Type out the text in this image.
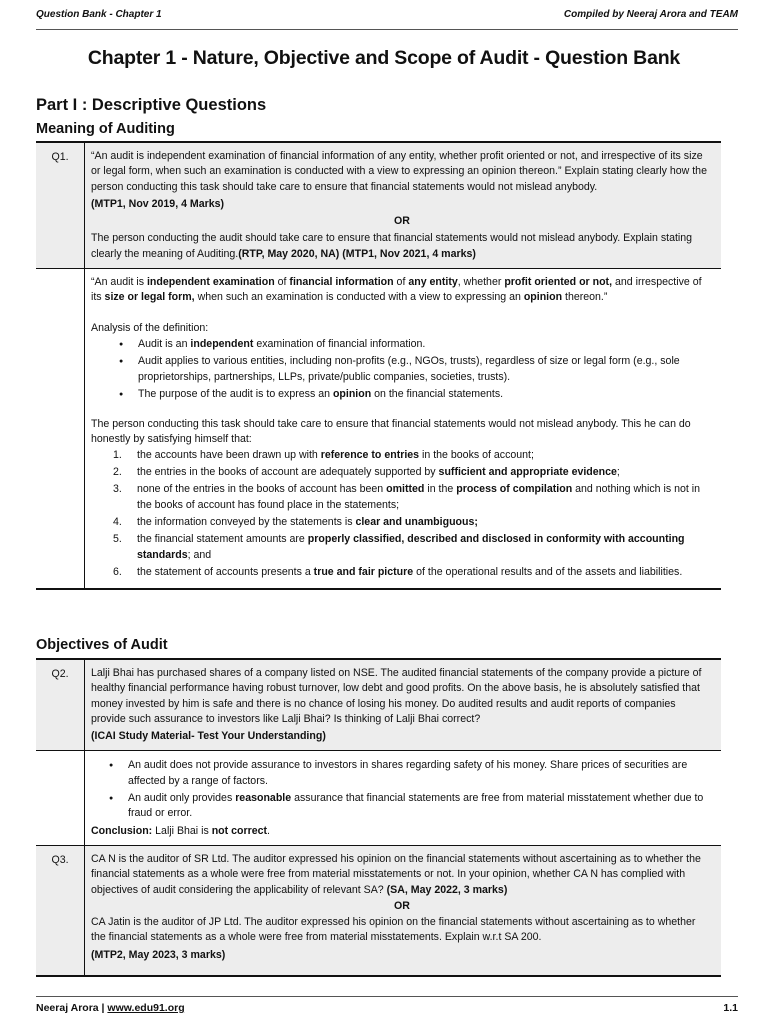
Question Bank - Chapter 1	Compiled by Neeraj Arora and TEAM
Chapter 1 - Nature, Objective and Scope of Audit - Question Bank
Part I : Descriptive Questions
Meaning of Auditing
Q1.	“An audit is independent examination of financial information of any entity, whether profit oriented or not, and irrespective of its size or legal form, when such an examination is conducted with a view to expressing an opinion thereon.” Explain stating clearly how the person conducting this task should take care to ensure that financial statements would not mislead anybody.

(MTP1, Nov 2019, 4 Marks)

OR

The person conducting the audit should take care to ensure that financial statements would not mislead anybody. Explain stating clearly the meaning of Auditing.(RTP, May 2020, NA) (MTP1, Nov 2021, 4 marks)

“An audit is independent examination of financial information of any entity, whether profit oriented or not, and irrespective of its size or legal form, when such an examination is conducted with a view to expressing an opinion thereon.”

Analysis of the definition:

● Audit is an independent examination of financial information.
● Audit applies to various entities, including non-profits (e.g., NGOs, trusts), regardless of size or legal form (e.g., sole proprietorships, partnerships, LLPs, private/public companies, societies, trusts).
● The purpose of the audit is to express an opinion on the financial statements.

The person conducting this task should take care to ensure that financial statements would not mislead anybody. This he can do honestly by satisfying himself that:

1. the accounts have been drawn up with reference to entries in the books of account;
2. the entries in the books of account are adequately supported by sufficient and appropriate evidence;
3. none of the entries in the books of account has been omitted in the process of compilation and nothing which is not in the books of account has found place in the statements;
4. the information conveyed by the statements is clear and unambiguous;
5. the financial statement amounts are properly classified, described and disclosed in conformity with accounting standards; and
6. the statement of accounts presents a true and fair picture of the operational results and of the assets and liabilities.
Objectives of Audit
Q2.	Lalji Bhai has purchased shares of a company listed on NSE. The audited financial statements of the company provide a picture of healthy financial performance having robust turnover, low debt and good profits. On the above basis, he is absolutely satisfied that money invested by him is safe and there is no chance of losing his money. Do audited results and audit reports of companies provide such assurance to investors like Lalji Bhai? Is thinking of Lalji Bhai correct?

(ICAI Study Material- Test Your Understanding)

● An audit does not provide assurance to investors in shares regarding safety of his money. Share prices of securities are affected by a range of factors.
● An audit only provides reasonable assurance that financial statements are free from material misstatement whether due to fraud or error.

Conclusion: Lalji Bhai is not correct.

Q3.	CA N is the auditor of SR Ltd. The auditor expressed his opinion on the financial statements without ascertaining as to whether the financial statements as a whole were free from material misstatements or not. In your opinion, whether CA N has complied with objectives of audit considering the applicability of relevant SA? (SA, May 2022, 3 marks)

OR

CA Jatin is the auditor of JP Ltd. The auditor expressed his opinion on the financial statements without ascertaining as to whether the financial statements as a whole were free from material misstatements. Explain w.r.t SA 200.

(MTP2, May 2023, 3 marks)

Neeraj Arora | www.edu91.org	1.1
